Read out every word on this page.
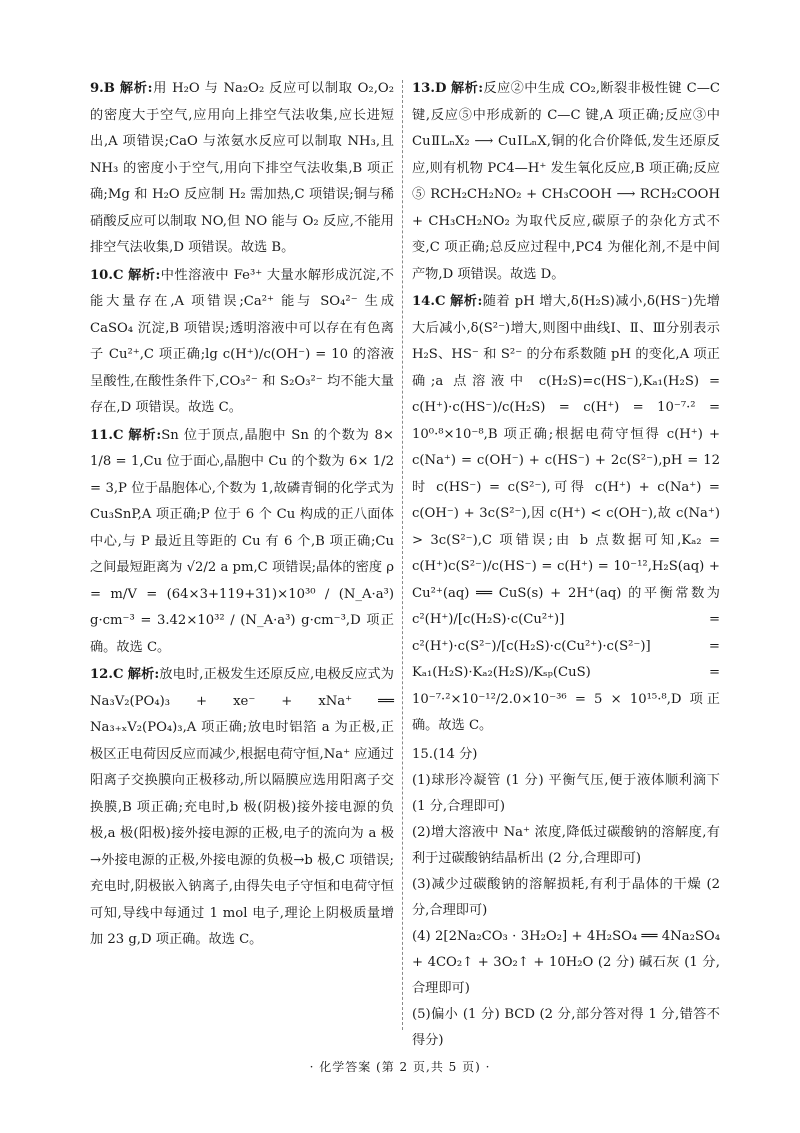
9.B 解析:用 H₂O 与 Na₂O₂ 反应可以制取 O₂,O₂ 的密度大于空气,应用向上排空气法收集,应长进短出,A 项错误;CaO 与浓氨水反应可以制取 NH₃,且 NH₃ 的密度小于空气,用向下排空气法收集,B 项正确;Mg 和 H₂O 反应制 H₂ 需加热,C 项错误;铜与稀硝酸反应可以制取 NO,但 NO 能与 O₂ 反应,不能用排空气法收集,D 项错误。故选 B。
10.C 解析:中性溶液中 Fe³⁺ 大量水解形成沉淀,不能大量存在,A 项错误;Ca²⁺ 能与 SO₄²⁻ 生成 CaSO₄ 沉淀,B 项错误;透明溶液中可以存在有色离子 Cu²⁺,C 项正确;lg c(H⁺)/c(OH⁻) = 10 的溶液呈酸性,在酸性条件下,CO₃²⁻ 和 S₂O₃²⁻ 均不能大量存在,D 项错误。故选 C。
11.C 解析:Sn 位于顶点,晶胞中 Sn 的个数为 8× 1/8 = 1,Cu 位于面心,晶胞中 Cu 的个数为 6× 1/2 = 3,P 位于晶胞体心,个数为 1,故磷青铜的化学式为 Cu₃SnP,A 项正确;P 位于 6 个 Cu 构成的正八面体中心,与 P 最近且等距的 Cu 有 6 个,B 项正确;Cu 之间最短距离为 √2/2 a pm,C 项错误;晶体的密度 ρ = m/V = (64×3+119+31)×10³⁰ / (N_A·a³) g·cm⁻³ = 3.42×10³² / (N_A·a³) g·cm⁻³,D 项正确。故选 C。
12.C 解析:放电时,正极发生还原反应,电极反应式为 Na₃V₂(PO₄)₃ + xe⁻ + xNa⁺ ══ Na₃₊ₓV₂(PO₄)₃,A 项正确;放电时铝箔 a 为正极,正极区正电荷因反应而减少,根据电荷守恒,Na⁺ 应通过阳离子交换膜向正极移动,所以隔膜应选用阳离子交换膜,B 项正确;充电时,b 极(阴极)接外接电源的负极,a 极(阳极)接外接电源的正极,电子的流向为 a 极→外接电源的正极,外接电源的负极→b 极,C 项错误;充电时,阴极嵌入钠离子,由得失电子守恒和电荷守恒可知,导线中每通过 1 mol 电子,理论上阴极质量增加 23 g,D 项正确。故选 C。
13.D 解析:反应②中生成 CO₂,断裂非极性键 C—C 键,反应⑤中形成新的 C—C 键,A 项正确;反应③中 CuⅡLₙX₂ ⟶ CuⅠLₙX,铜的化合价降低,发生还原反应,则有机物 PC4—H⁺ 发生氧化反应,B 项正确;反应⑤ RCH₂CH₂NO₂ + CH₃COOH ⟶ RCH₂COOH + CH₃CH₂NO₂ 为取代反应,碳原子的杂化方式不变,C 项正确;总反应过程中,PC4 为催化剂,不是中间产物,D 项错误。故选 D。
14.C 解析:随着 pH 增大,δ(H₂S)减小,δ(HS⁻)先增大后减小,δ(S²⁻)增大,则图中曲线Ⅰ、Ⅱ、Ⅲ分别表示 H₂S、HS⁻ 和 S²⁻ 的分布系数随 pH 的变化,A 项正确;a 点溶液中 c(H₂S)=c(HS⁻),Kₐ₁(H₂S) = c(H⁺)·c(HS⁻)/c(H₂S) = c(H⁺) = 10⁻⁷·² = 10⁰·⁸×10⁻⁸,B 项正确;根据电荷守恒得 c(H⁺) + c(Na⁺) = c(OH⁻) + c(HS⁻) + 2c(S²⁻),pH = 12 时 c(HS⁻) = c(S²⁻),可得 c(H⁺) + c(Na⁺) = c(OH⁻) + 3c(S²⁻),因 c(H⁺) < c(OH⁻),故 c(Na⁺) > 3c(S²⁻),C 项错误;由 b 点数据可知,Kₐ₂ = c(H⁺)c(S²⁻)/c(HS⁻) = c(H⁺) = 10⁻¹²,H₂S(aq) + Cu²⁺(aq) ══ CuS(s) + 2H⁺(aq) 的平衡常数为 c²(H⁺)/[c(H₂S)·c(Cu²⁺)] = c²(H⁺)·c(S²⁻)/[c(H₂S)·c(Cu²⁺)·c(S²⁻)] = Kₐ₁(H₂S)·Kₐ₂(H₂S)/Kₛₚ(CuS) = 10⁻⁷·²×10⁻¹²/2.0×10⁻³⁶ = 5 × 10¹⁵·⁸,D 项正确。故选 C。
15.(14 分)
(1)球形冷凝管 (1 分) 平衡气压,便于液体顺利滴下 (1 分,合理即可)
(2)增大溶液中 Na⁺ 浓度,降低过碳酸钠的溶解度,有利于过碳酸钠结晶析出 (2 分,合理即可)
(3)减少过碳酸钠的溶解损耗,有利于晶体的干燥 (2 分,合理即可)
(4) 2[2Na₂CO₃ · 3H₂O₂] + 4H₂SO₄ ══ 4Na₂SO₄ + 4CO₂↑ + 3O₂↑ + 10H₂O (2 分) 碱石灰 (1 分,合理即可)
(5)偏小 (1 分) BCD (2 分,部分答对得 1 分,错答不得分)
· 化学答案 (第 2 页,共 5 页) ·
